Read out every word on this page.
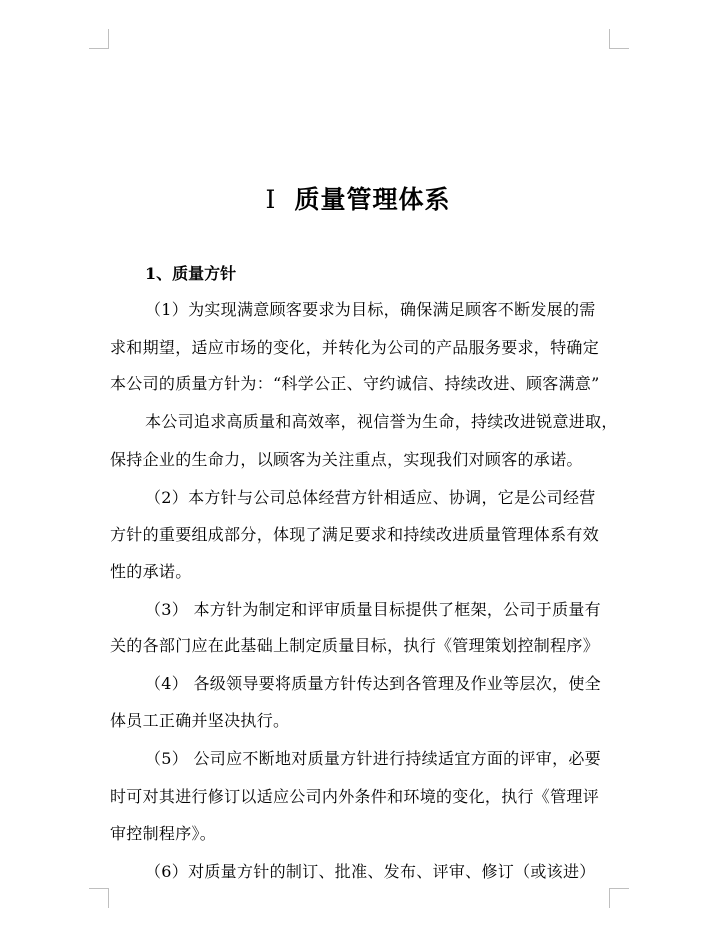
I 质量管理体系
1、质量方针
（1）为实现满意顾客要求为目标，确保满足顾客不断发展的需
求和期望，适应市场的变化，并转化为公司的产品服务要求，特确定
本公司的质量方针为：“科学公正、守约诚信、持续改进、顾客满意”
本公司追求高质量和高效率，视信誉为生命，持续改进锐意进取，
保持企业的生命力，以顾客为关注重点，实现我们对顾客的承诺。
（2）本方针与公司总体经营方针相适应、协调，它是公司经营
方针的重要组成部分，体现了满足要求和持续改进质量管理体系有效
性的承诺。
（3） 本方针为制定和评审质量目标提供了框架，公司于质量有
关的各部门应在此基础上制定质量目标，执行《管理策划控制程序》
（4） 各级领导要将质量方针传达到各管理及作业等层次，使全
体员工正确并坚决执行。
（5） 公司应不断地对质量方针进行持续适宜方面的评审，必要
时可对其进行修订以适应公司内外条件和环境的变化，执行《管理评
审控制程序》。
（6）对质量方针的制订、批准、发布、评审、修订（或该进）
